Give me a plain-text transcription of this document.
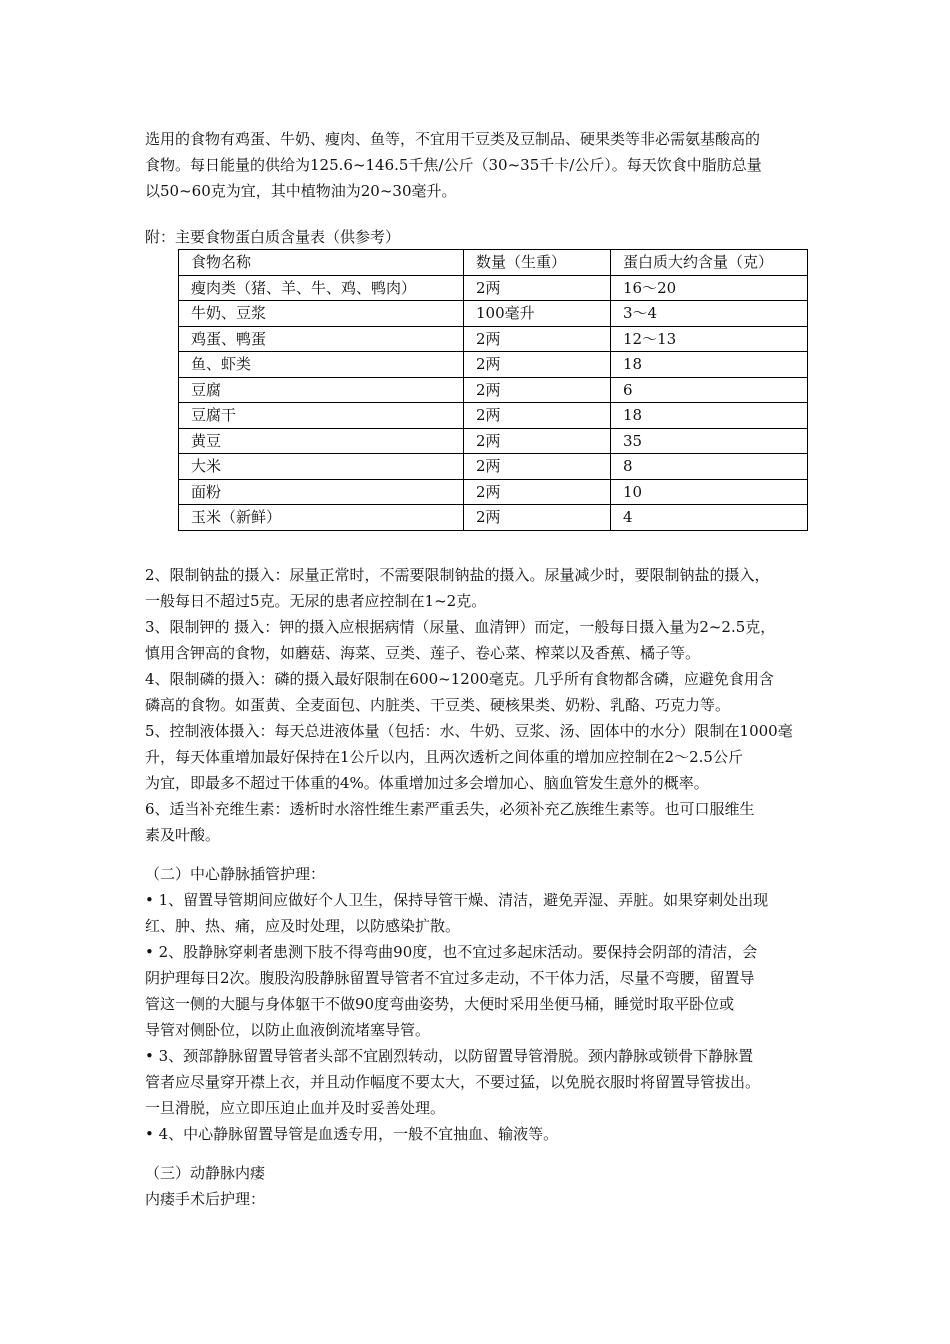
选用的食物有鸡蛋、牛奶、瘦肉、鱼等，不宜用干豆类及豆制品、硬果类等非必需氨基酸高的
食物。每日能量的供给为125.6~146.5千焦/公斤（30~35千卡/公斤）。每天饮食中脂肪总量
以50~60克为宜，其中植物油为20~30毫升。
附：主要食物蛋白质含量表（供参考）
食物名称	数量（生重）	蛋白质大约含量（克）
瘦肉类（猪、羊、牛、鸡、鸭肉）	2两	16～20
牛奶、豆浆	100毫升	3～4
鸡蛋、鸭蛋	2两	12～13
鱼、虾类	2两	18
豆腐	2两	6
豆腐干	2两	18
黄豆	2两	35
大米	2两	8
面粉	2两	10
玉米（新鲜）	2两	4
2、限制钠盐的摄入：尿量正常时，不需要限制钠盐的摄入。尿量减少时，要限制钠盐的摄入，
一般每日不超过5克。无尿的患者应控制在1~2克。
3、限制钾的 摄入：钾的摄入应根据病情（尿量、血清钾）而定，一般每日摄入量为2~2.5克，
慎用含钾高的食物，如蘑菇、海菜、豆类、莲子、卷心菜、榨菜以及香蕉、橘子等。
4、限制磷的摄入：磷的摄入最好限制在600~1200毫克。几乎所有食物都含磷，应避免食用含
磷高的食物。如蛋黄、全麦面包、内脏类、干豆类、硬核果类、奶粉、乳酪、巧克力等。
5、控制液体摄入：每天总进液体量（包括：水、牛奶、豆浆、汤、固体中的水分）限制在1000毫
升，每天体重增加最好保持在1公斤以内，且两次透析之间体重的增加应控制在2～2.5公斤
为宜，即最多不超过干体重的4%。体重增加过多会增加心、脑血管发生意外的概率。
6、适当补充维生素：透析时水溶性维生素严重丢失，必须补充乙族维生素等。也可口服维生
素及叶酸。
（二）中心静脉插管护理：
• 1、留置导管期间应做好个人卫生，保持导管干燥、清洁，避免弄湿、弄脏。如果穿刺处出现
红、肿、热、痛，应及时处理，以防感染扩散。
• 2、股静脉穿刺者患测下肢不得弯曲90度，也不宜过多起床活动。要保持会阴部的清洁，会
阴护理每日2次。腹股沟股静脉留置导管者不宜过多走动，不干体力活，尽量不弯腰，留置导
管这一侧的大腿与身体躯干不做90度弯曲姿势，大便时采用坐便马桶，睡觉时取平卧位或
导管对侧卧位，以防止血液倒流堵塞导管。
• 3、颈部静脉留置导管者头部不宜剧烈转动，以防留置导管滑脱。颈内静脉或锁骨下静脉置
管者应尽量穿开襟上衣，并且动作幅度不要太大，不要过猛，以免脱衣服时将留置导管拔出。
一旦滑脱，应立即压迫止血并及时妥善处理。
• 4、中心静脉留置导管是血透专用，一般不宜抽血、输液等。
（三）动静脉内瘘
内瘘手术后护理：
